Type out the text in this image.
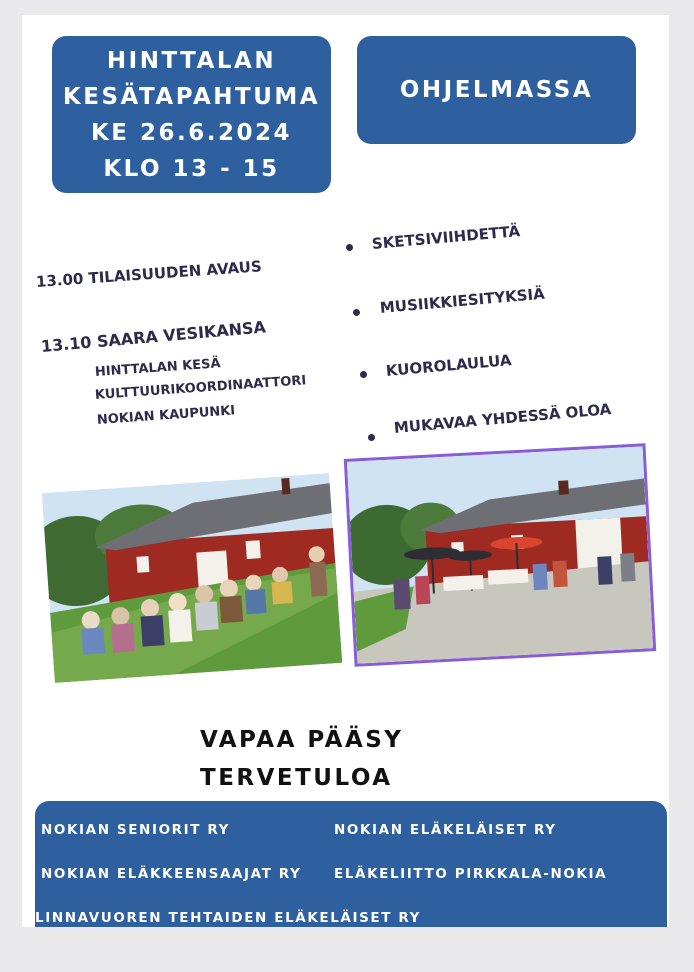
HINTTALAN
KESÄTAPAHTUMA
KE 26.6.2024
KLO 13 - 15
OHJELMASSA
13.00 TILAISUUDEN AVAUS
13.10 SAARA VESIKANSA
HINTTALAN KESÄ
KULTTUURIKOORDINAATTORI
NOKIAN KAUPUNKI
SKETSIVIIHDETTÄ
MUSIIKKIESITYKSIÄ
KUOROLAULUA
MUKAVAA YHDESSÄ OLOA
VAPAA PÄÄSY
TERVETULOA
NOKIAN SENIORIT RY	NOKIAN ELÄKELÄISET RY
NOKIAN ELÄKKEENSAAJAT RY ELÄKELIITTO PIRKKALA-NOKIA
LINNAVUOREN TEHTAIDEN ELÄKELÄISET RY
